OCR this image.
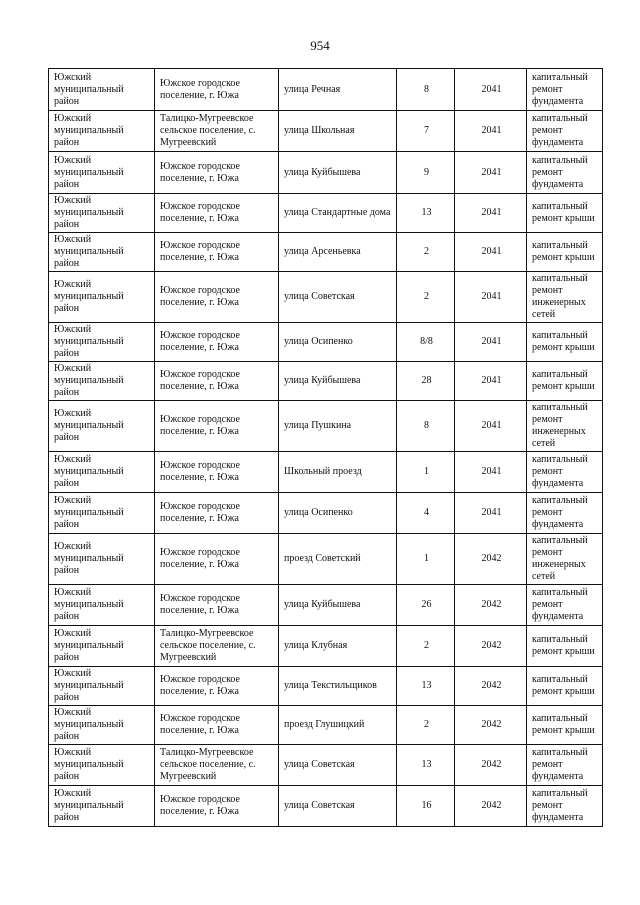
954
Южский муниципальный район	Южское городское поселение, г. Южа	улица Речная	8	2041	капитальный ремонт фундамента
Южский муниципальный район	Талицко-Мугреевское сельское поселение, с. Мугреевский	улица Школьная	7	2041	капитальный ремонт фундамента
Южский муниципальный район	Южское городское поселение, г. Южа	улица Куйбышева	9	2041	капитальный ремонт фундамента
Южский муниципальный район	Южское городское поселение, г. Южа	улица Стандартные дома	13	2041	капитальный ремонт крыши
Южский муниципальный район	Южское городское поселение, г. Южа	улица Арсеньевка	2	2041	капитальный ремонт крыши
Южский муниципальный район	Южское городское поселение, г. Южа	улица Советская	2	2041	капитальный ремонт инженерных сетей
Южский муниципальный район	Южское городское поселение, г. Южа	улица Осипенко	8/8	2041	капитальный ремонт крыши
Южский муниципальный район	Южское городское поселение, г. Южа	улица Куйбышева	28	2041	капитальный ремонт крыши
Южский муниципальный район	Южское городское поселение, г. Южа	улица Пушкина	8	2041	капитальный ремонт инженерных сетей
Южский муниципальный район	Южское городское поселение, г. Южа	Школьный проезд	1	2041	капитальный ремонт фундамента
Южский муниципальный район	Южское городское поселение, г. Южа	улица Осипенко	4	2041	капитальный ремонт фундамента
Южский муниципальный район	Южское городское поселение, г. Южа	проезд Советский	1	2042	капитальный ремонт инженерных сетей
Южский муниципальный район	Южское городское поселение, г. Южа	улица Куйбышева	26	2042	капитальный ремонт фундамента
Южский муниципальный район	Талицко-Мугреевское сельское поселение, с. Мугреевский	улица Клубная	2	2042	капитальный ремонт крыши
Южский муниципальный район	Южское городское поселение, г. Южа	улица Текстильщиков	13	2042	капитальный ремонт крыши
Южский муниципальный район	Южское городское поселение, г. Южа	проезд Глушицкий	2	2042	капитальный ремонт крыши
Южский муниципальный район	Талицко-Мугреевское сельское поселение, с. Мугреевский	улица Советская	13	2042	капитальный ремонт фундамента
Южский муниципальный район	Южское городское поселение, г. Южа	улица Советская	16	2042	капитальный ремонт фундамента
